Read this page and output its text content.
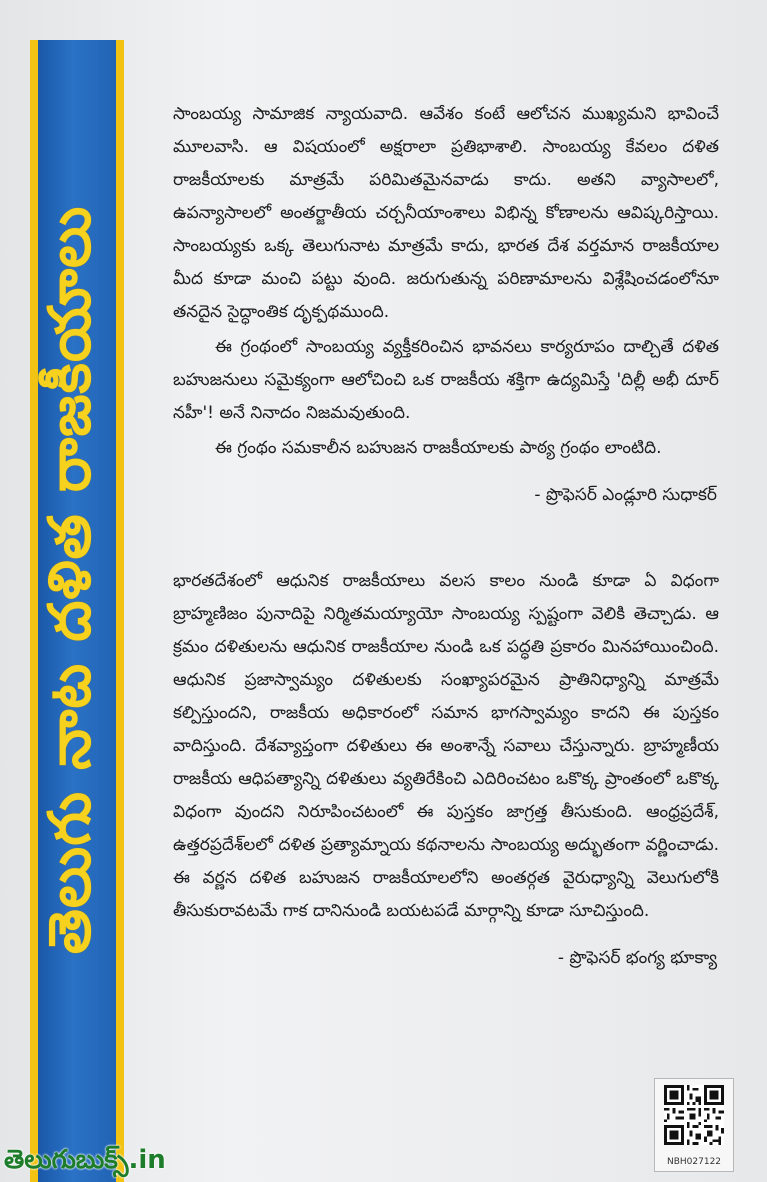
తెలుగు నాట దళిత రాజకీయాలు

సాంబయ్య సామాజిక న్యాయవాది. ఆవేశం కంటే ఆలోచన ముఖ్యమని భావించే మూలవాసి. ఆ విషయంలో అక్షరాలా ప్రతిభాశాలి. సాంబయ్య కేవలం దళిత రాజకీయాలకు మాత్రమే పరిమితమైనవాడు కాదు. అతని వ్యాసాలలో, ఉపన్యాసాలలో అంతర్జాతీయ చర్చనీయాంశాలు విభిన్న కోణాలను ఆవిష్కరిస్తాయి. సాంబయ్యకు ఒక్క తెలుగునాట మాత్రమే కాదు, భారత దేశ వర్తమాన రాజకీయాల మీద కూడా మంచి పట్టు వుంది. జరుగుతున్న పరిణామాలను విశ్లేషించడంలోనూ తనదైన సైద్ధాంతిక దృక్పథముంది.

ఈ గ్రంథంలో సాంబయ్య వ్యక్తీకరించిన భావనలు కార్యరూపం దాల్చితే దళిత బహుజనులు సమైక్యంగా ఆలోచించి ఒక రాజకీయ శక్తిగా ఉద్యమిస్తే 'దిల్లీ అభీ దూర్ నహీ'! అనే నినాదం నిజమవుతుంది.

ఈ గ్రంథం సమకాలీన బహుజన రాజకీయాలకు పాఠ్య గ్రంథం లాంటిది.

- ప్రొఫెసర్ ఎండ్లూరి సుధాకర్

భారతదేశంలో ఆధునిక రాజకీయాలు వలస కాలం నుండి కూడా ఏ విధంగా బ్రాహ్మణిజం పునాదిపై నిర్మితమయ్యాయో సాంబయ్య స్పష్టంగా వెలికి తెచ్చాడు. ఆ క్రమం దళితులను ఆధునిక రాజకీయాల నుండి ఒక పద్ధతి ప్రకారం మినహాయించింది. ఆధునిక ప్రజాస్వామ్యం దళితులకు సంఖ్యాపరమైన ప్రాతినిధ్యాన్ని మాత్రమే కల్పిస్తుందని, రాజకీయ అధికారంలో సమాన భాగస్వామ్యం కాదని ఈ పుస్తకం వాదిస్తుంది. దేశవ్యాప్తంగా దళితులు ఈ అంశాన్నే సవాలు చేస్తున్నారు. బ్రాహ్మణీయ రాజకీయ ఆధిపత్యాన్ని దళితులు వ్యతిరేకించి ఎదిరించటం ఒకొక్క ప్రాంతంలో ఒకొక్క విధంగా వుందని నిరూపించటంలో ఈ పుస్తకం జాగ్రత్త తీసుకుంది. ఆంధ్రప్రదేశ్, ఉత్తరప్రదేశ్‌లలో దళిత ప్రత్యామ్నాయ కథనాలను సాంబయ్య అద్భుతంగా వర్ణించాడు. ఈ వర్ణన దళిత బహుజన రాజకీయాలలోని అంతర్గత వైరుధ్యాన్ని వెలుగులోకి తీసుకురావటమే గాక దానినుండి బయటపడే మార్గాన్ని కూడా సూచిస్తుంది.

- ప్రొఫెసర్ భంగ్య భూక్యా
NBH027122
తెలుగుబుక్స్.in
